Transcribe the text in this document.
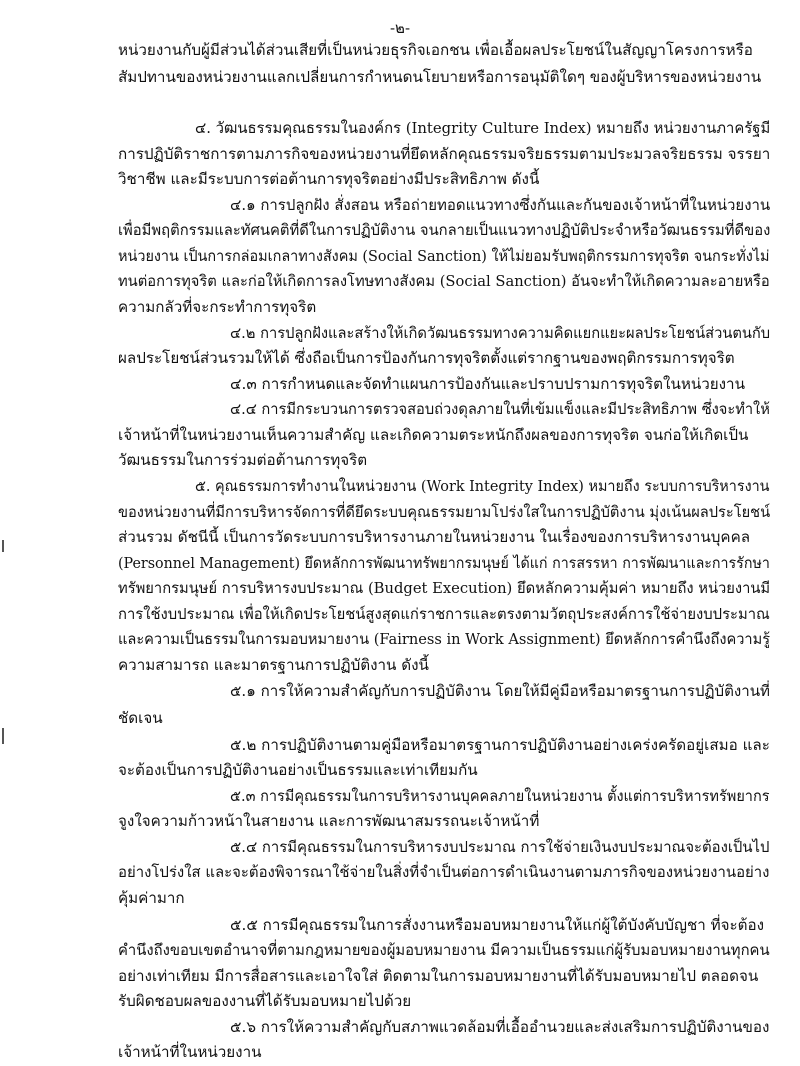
-๒-
หน่วยงานกับผู้มีส่วนได้ส่วนเสียที่เป็นหน่วยธุรกิจเอกชน เพื่อเอื้อผลประโยชน์ในสัญญาโครงการหรือ
สัมปทานของหน่วยงานแลกเปลี่ยนการกำหนดนโยบายหรือการอนุมัติใดๆ ของผู้บริหารของหน่วยงาน
๔. วัฒนธรรมคุณธรรมในองค์กร (Integrity Culture Index) หมายถึง หน่วยงานภาครัฐมี
การปฏิบัติราชการตามภารกิจของหน่วยงานที่ยึดหลักคุณธรรมจริยธรรมตามประมวลจริยธรรม จรรยา
วิชาชีพ และมีระบบการต่อต้านการทุจริตอย่างมีประสิทธิภาพ ดังนี้
๔.๑ การปลูกฝัง สั่งสอน หรือถ่ายทอดแนวทางซึ่งกันและกันของเจ้าหน้าที่ในหน่วยงาน
เพื่อมีพฤติกรรมและทัศนคติที่ดีในการปฏิบัติงาน จนกลายเป็นแนวทางปฏิบัติประจำหรือวัฒนธรรมที่ดีของ
หน่วยงาน เป็นการกล่อมเกลาทางสังคม (Social Sanction) ให้ไม่ยอมรับพฤติกรรมการทุจริต จนกระทั่งไม่
ทนต่อการทุจริต และก่อให้เกิดการลงโทษทางสังคม (Social Sanction) อันจะทำให้เกิดความละอายหรือ
ความกลัวที่จะกระทำการทุจริต
๔.๒ การปลูกฝังและสร้างให้เกิดวัฒนธรรมทางความคิดแยกแยะผลประโยชน์ส่วนตนกับ
ผลประโยชน์ส่วนรวมให้ได้ ซึ่งถือเป็นการป้องกันการทุจริตตั้งแต่รากฐานของพฤติกรรมการทุจริต
๔.๓ การกำหนดและจัดทำแผนการป้องกันและปราบปรามการทุจริตในหน่วยงาน
๔.๔ การมีกระบวนการตรวจสอบถ่วงดุลภายในที่เข้มแข็งและมีประสิทธิภาพ ซึ่งจะทำให้
เจ้าหน้าที่ในหน่วยงานเห็นความสำคัญ และเกิดความตระหนักถึงผลของการทุจริต จนก่อให้เกิดเป็น
วัฒนธรรมในการร่วมต่อต้านการทุจริต
๕. คุณธรรมการทำงานในหน่วยงาน (Work Integrity Index) หมายถึง ระบบการบริหารงาน
ของหน่วยงานที่มีการบริหารจัดการที่ดียึดระบบคุณธรรมยามโปร่งใสในการปฏิบัติงาน มุ่งเน้นผลประโยชน์
ส่วนรวม ดัชนีนี้ เป็นการวัดระบบการบริหารงานภายในหน่วยงาน ในเรื่องของการบริหารงานบุคคล
(Personnel Management) ยึดหลักการพัฒนาทรัพยากรมนุษย์ ได้แก่ การสรรหา การพัฒนาและการรักษา
ทรัพยากรมนุษย์ การบริหารงบประมาณ (Budget Execution) ยึดหลักความคุ้มค่า หมายถึง หน่วยงานมี
การใช้งบประมาณ เพื่อให้เกิดประโยชน์สูงสุดแก่ราชการและตรงตามวัตถุประสงค์การใช้จ่ายงบประมาณ
และความเป็นธรรมในการมอบหมายงาน (Fairness in Work Assignment) ยึดหลักการคำนึงถึงความรู้
ความสามารถ และมาตรฐานการปฏิบัติงาน ดังนี้
๕.๑ การให้ความสำคัญกับการปฏิบัติงาน โดยให้มีคู่มือหรือมาตรฐานการปฏิบัติงานที่
ชัดเจน
๕.๒ การปฏิบัติงานตามคู่มือหรือมาตรฐานการปฏิบัติงานอย่างเคร่งครัดอยู่เสมอ และ
จะต้องเป็นการปฏิบัติงานอย่างเป็นธรรมและเท่าเทียมกัน
๕.๓ การมีคุณธรรมในการบริหารงานบุคคลภายในหน่วยงาน ตั้งแต่การบริหารทรัพยากร
จูงใจความก้าวหน้าในสายงาน และการพัฒนาสมรรถนะเจ้าหน้าที่
๕.๔ การมีคุณธรรมในการบริหารงบประมาณ การใช้จ่ายเงินงบประมาณจะต้องเป็นไป
อย่างโปร่งใส และจะต้องพิจารณาใช้จ่ายในสิ่งที่จำเป็นต่อการดำเนินงานตามภารกิจของหน่วยงานอย่าง
คุ้มค่ามาก
๕.๕ การมีคุณธรรมในการสั่งงานหรือมอบหมายงานให้แก่ผู้ใต้บังคับบัญชา ที่จะต้อง
คำนึงถึงขอบเขตอำนาจที่ตามกฎหมายของผู้มอบหมายงาน มีความเป็นธรรมแก่ผู้รับมอบหมายงานทุกคน
อย่างเท่าเทียม มีการสื่อสารและเอาใจใส่ ติดตามในการมอบหมายงานที่ได้รับมอบหมายไป ตลอดจน
รับผิดชอบผลของงานที่ได้รับมอบหมายไปด้วย
๕.๖ การให้ความสำคัญกับสภาพแวดล้อมที่เอื้ออำนวยและส่งเสริมการปฏิบัติงานของ
เจ้าหน้าที่ในหน่วยงาน
